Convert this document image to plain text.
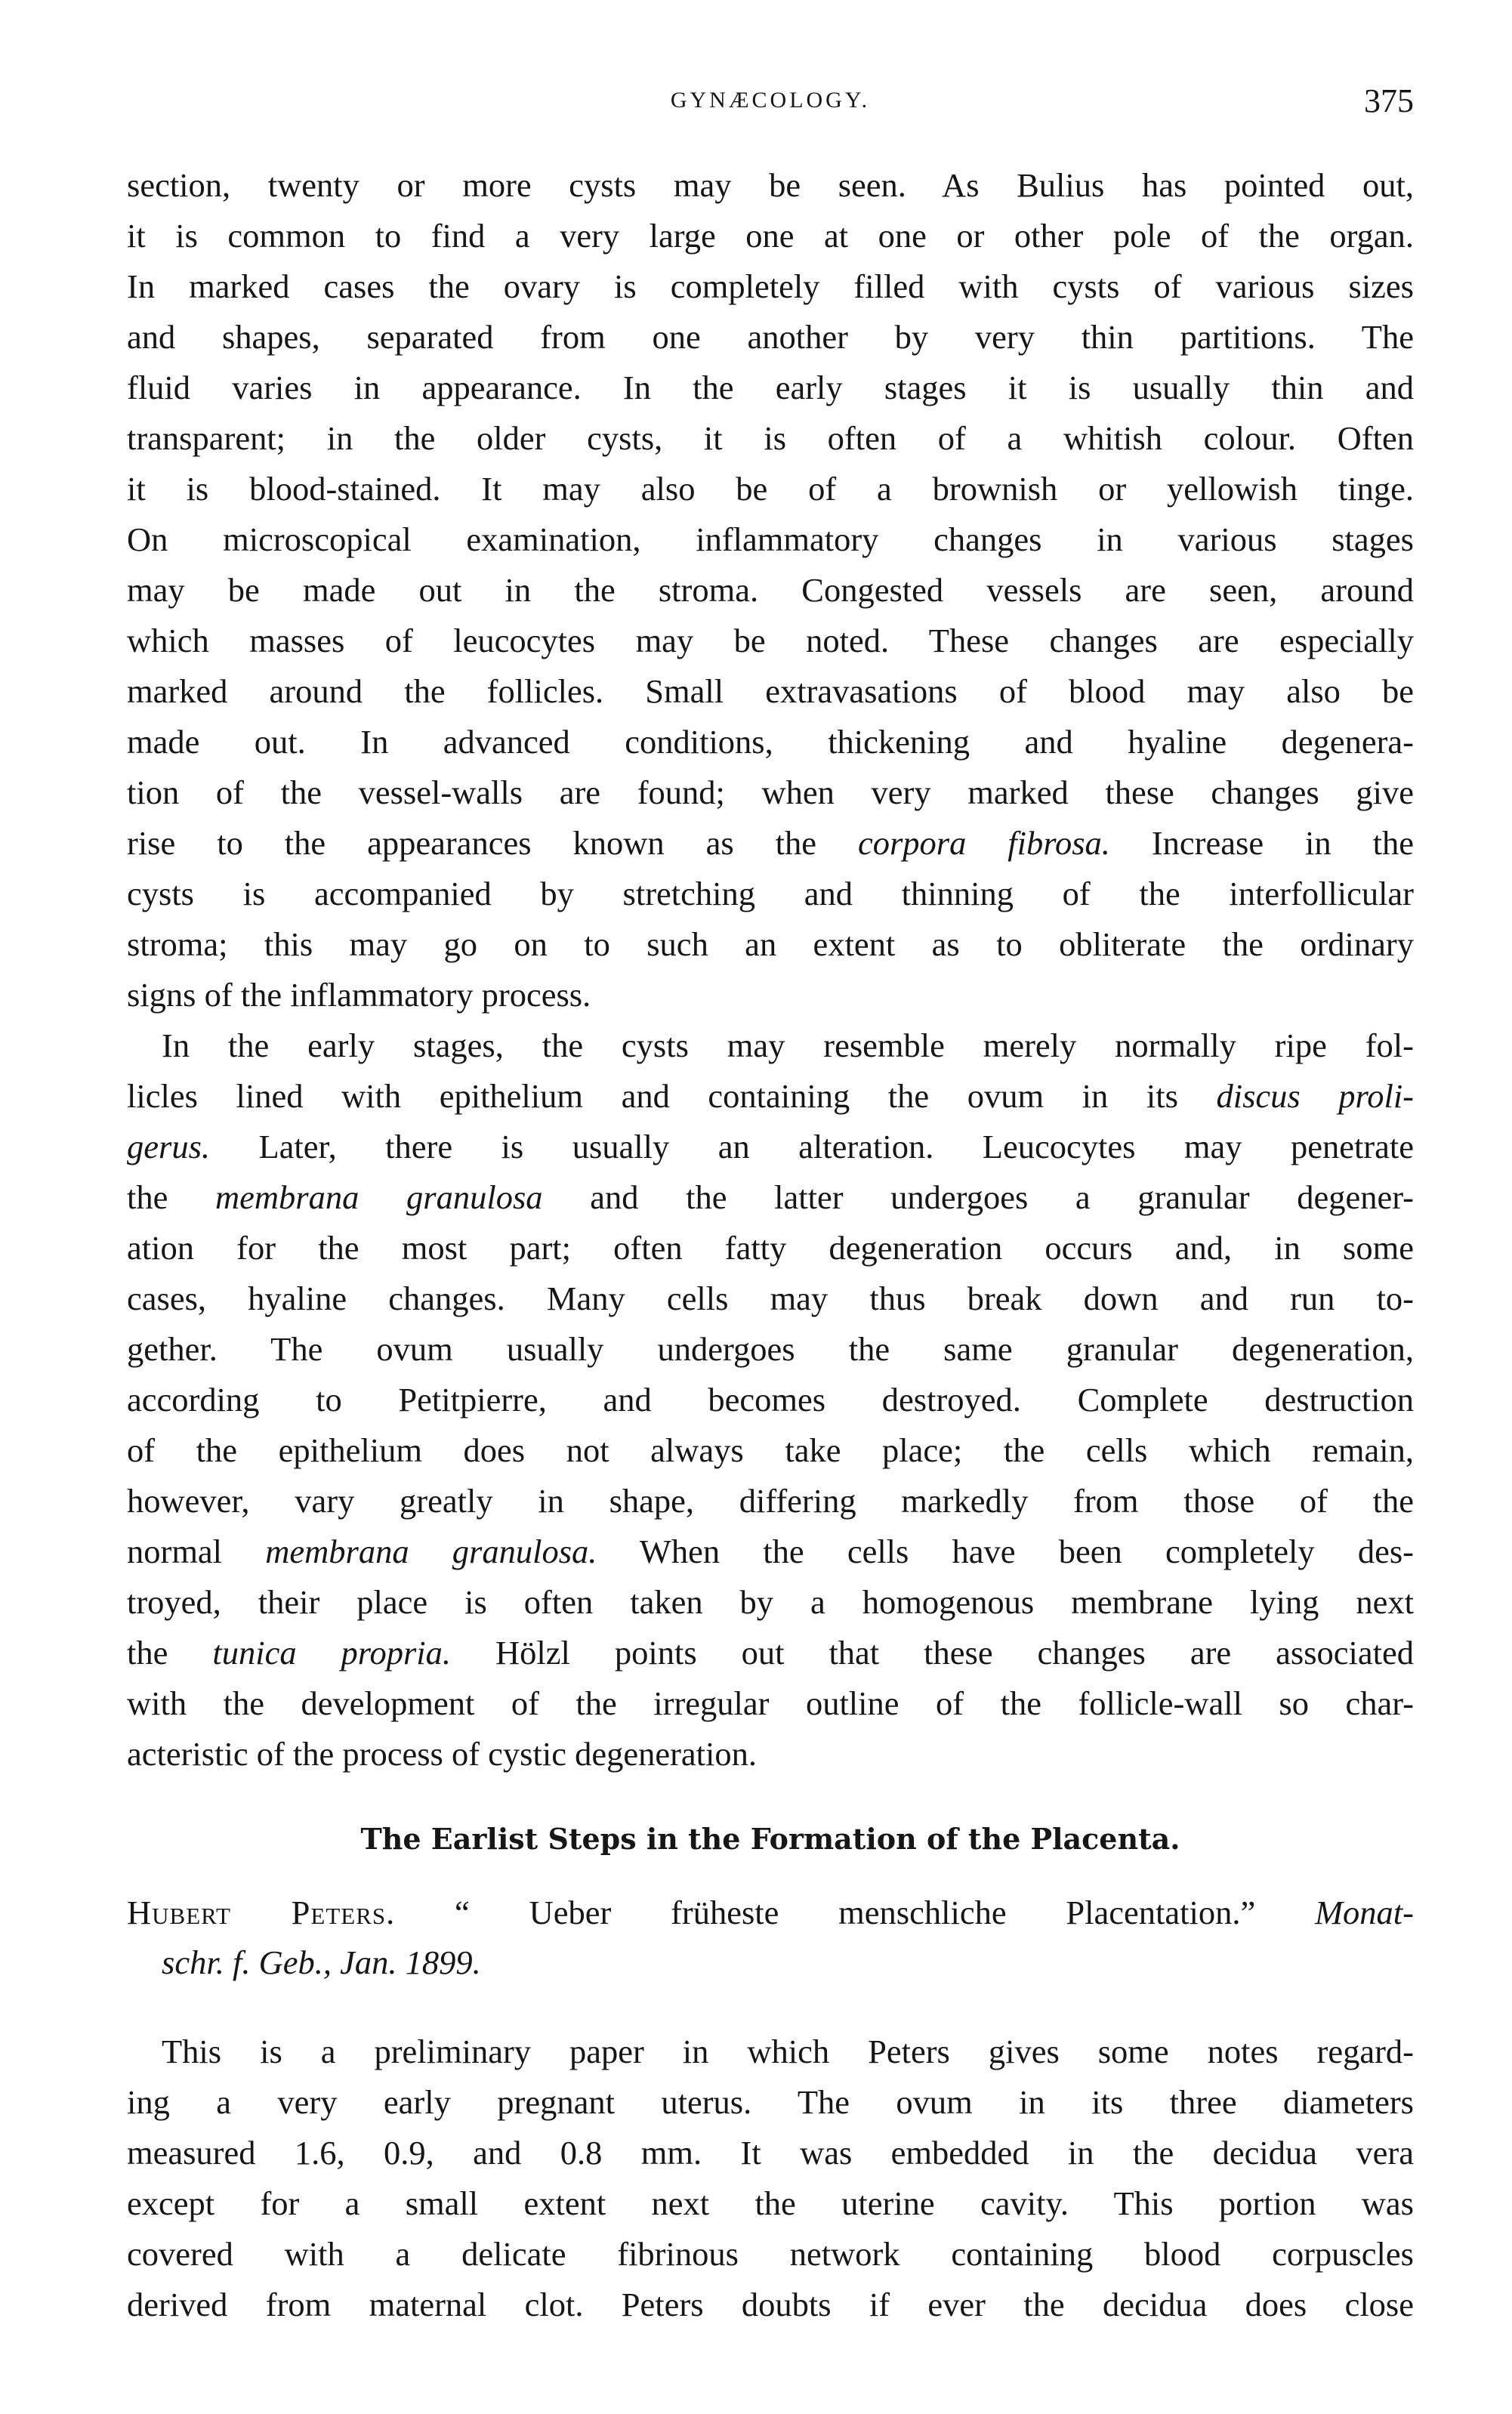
GYNÆCOLOGY.	375
section, twenty or more cysts may be seen. As Bulius has pointed out,
it is common to find a very large one at one or other pole of the organ.
In marked cases the ovary is completely filled with cysts of various sizes
and shapes, separated from one another by very thin partitions. The
fluid varies in appearance. In the early stages it is usually thin and
transparent; in the older cysts, it is often of a whitish colour. Often
it is blood-stained. It may also be of a brownish or yellowish tinge.
On microscopical examination, inflammatory changes in various stages
may be made out in the stroma. Congested vessels are seen, around
which masses of leucocytes may be noted. These changes are especially
marked around the follicles. Small extravasations of blood may also be
made out. In advanced conditions, thickening and hyaline degenera-
tion of the vessel-walls are found; when very marked these changes give
rise to the appearances known as the corpora fibrosa. Increase in the
cysts is accompanied by stretching and thinning of the interfollicular
stroma; this may go on to such an extent as to obliterate the ordinary
signs of the inflammatory process.
In the early stages, the cysts may resemble merely normally ripe fol-
licles lined with epithelium and containing the ovum in its discus proli-
gerus. Later, there is usually an alteration. Leucocytes may penetrate
the membrana granulosa and the latter undergoes a granular degener-
ation for the most part; often fatty degeneration occurs and, in some
cases, hyaline changes. Many cells may thus break down and run to-
gether. The ovum usually undergoes the same granular degeneration,
according to Petitpierre, and becomes destroyed. Complete destruction
of the epithelium does not always take place; the cells which remain,
however, vary greatly in shape, differing markedly from those of the
normal membrana granulosa. When the cells have been completely des-
troyed, their place is often taken by a homogenous membrane lying next
the tunica propria. Hölzl points out that these changes are associated
with the development of the irregular outline of the follicle-wall so char-
acteristic of the process of cystic degeneration.
The Earlist Steps in the Formation of the Placenta.
Hubert Peters. “ Ueber früheste menschliche Placentation.” Monat-
schr. f. Geb., Jan. 1899.
This is a preliminary paper in which Peters gives some notes regard-
ing a very early pregnant uterus. The ovum in its three diameters
measured 1.6, 0.9, and 0.8 mm. It was embedded in the decidua vera
except for a small extent next the uterine cavity. This portion was
covered with a delicate fibrinous network containing blood corpuscles
derived from maternal clot. Peters doubts if ever the decidua does close
